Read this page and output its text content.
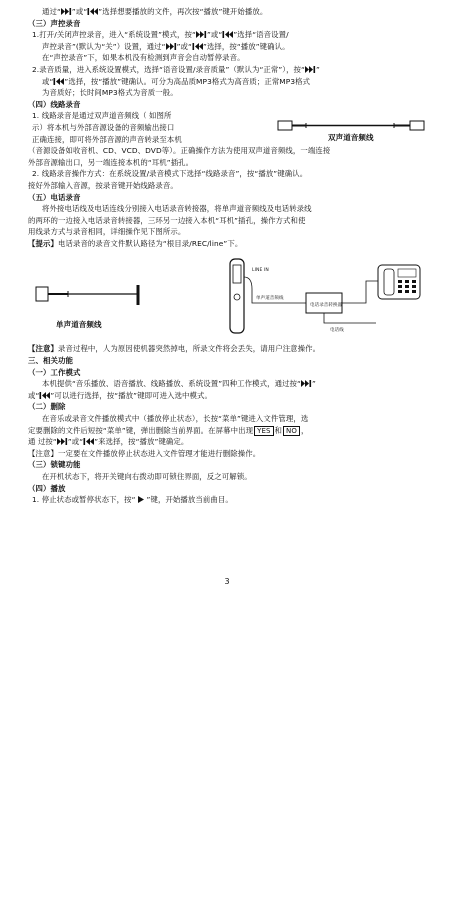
通过“ ”或“ ”选择想要播放的文件，再次按“播放”键开始播放。

（三）声控录音

1.打开/关闭声控录音，进入“系统设置”模式，按“ ”或“ ”选择“语音设置/

声控录音”(默认为“关”）设置，通过“ ”或“ ”选择，按“播放”键确认。

在“声控录音”下，如果本机没有检测到声音会自动暂停录音。

2.录音质量，进入系统设置模式，选择“语音设置/录音质量”（默认为“正常”），按“ ”

或“ ”选择，按“播放”键确认。可分为高品质MP3格式为高音质；正常MP3格式

为音质好；长时间MP3格式为音质一般。

（四）线路录音

1. 线路录音是通过双声道音频线（ 如图所

示）将本机与外部音源设备的音频输出接口

正确连接，即可将外部音源的声音转录至本机	双声道音频线

（音源设备如收音机、CD、VCD、DVD等）。正确操作方法为使用双声道音频线，一端连接

外部音源输出口，另一端连接本机的“耳机”插孔。

2. 线路录音操作方式：在系统设置/录音模式下选择“线路录音”，按“播放”键确认。

接好外部输入音源，按录音键开始线路录音。

（五）电话录音

将外接电话线及电话连线分别接入电话录音转接器，将单声道音频线及电话转录线

的两环的一边接入电话录音转接器，三环另一边接入本机“耳机”插孔，操作方式和使

用线录方式与录音相同，详细操作见下图所示。

【提示】电话录音的录音文件默认路径为“根目录/REC/line”下。

单声道音频线
LINE IN
单声道音频线
电话录音转换器
电话线

【注意】录音过程中，人为原因使机器突然掉电，所录文件将会丢失，请用户注意操作。

三、相关功能

（一）工作模式

本机提供“音乐播放、语音播放、线路播放、系统设置”四种工作模式，通过按“ ”

或“ ”可以进行选择，按“播放”键即可进入选中模式。

（二）删除

在音乐或录音文件播放模式中（播放停止状态），长按“菜单”键进入文件管理，选

定要删除的文件后短按“菜单”键，弹出删除当前界面。在屏幕中出现 YES 和 NO ，

通 过按“ ”或“ ”来选择，按“播放”键确定。

【注意】一定要在文件播放停止状态进入文件管理才能进行删除操作。

（三）锁键功能

在开机状态下，将开关键向右拨动即可锁住界面，反之可解锁。

（四）播放

1. 停止状态或暂停状态下，按“ ”键，开始播放当前曲目。

3
